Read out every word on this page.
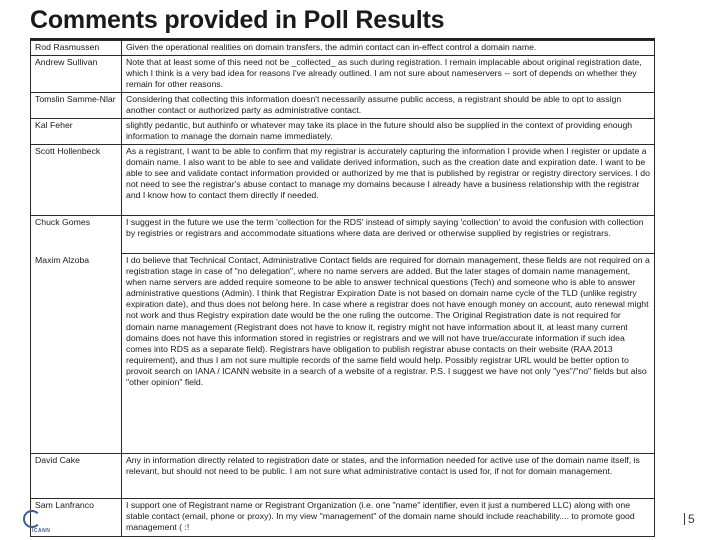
Comments provided in Poll Results
Rod Rasmussen	Given the operational realities on domain transfers, the admin contact can in-effect control a domain name.
Andrew Sullivan	Note that at least some of this need not be _collected_ as such during registration. I remain implacable about original registration date, which I think is a very bad idea for reasons I've already outlined. I am not sure about nameservers -- sort of depends on whether they remain for other reasons.
Tomslin Samme-Nlar	Considering that collecting this information doesn't necessarily assume public access, a registrant should be able to opt to assign another contact or authorized party as administrative contact.
Kal Feher	slightly pedantic, but authinfo or whatever may take its place in the future should also be supplied in the context of providing enough information to manage the domain name immediately.
Scott Hollenbeck	As a registrant, I want to be able to confirm that my registrar is accurately capturing the information I provide when I register or update a domain name. I also want to be able to see and validate derived information, such as the creation date and expiration date. I want to be able to see and validate contact information provided or authorized by me that is published by registrar or registry directory services. I do not need to see the registrar's abuse contact to manage my domains because I already have a business relationship with the registrar and I know how to contact them directly if needed.
Chuck Gomes	I suggest in the future we use the term 'collection for the RDS' instead of simply saying 'collection' to avoid the confusion with collection by registries or registrars and accommodate situations where data are derived or otherwise supplied by registries or registrars.
Maxim Alzoba	I do believe that Technical Contact, Administrative Contact fields are required for domain management, these fields are not required on a registration stage in case of "no delegation", where no name servers are added. But the later stages of domain name management, when name servers are added require someone to be able to answer technical questions (Tech) and someone who is able to answer administrative questions (Admin). I think that Registrar Expiration Date is not based on domain name cycle of the TLD (unlike registry expiration date), and thus does not belong here. In case where a registrar does not have enough money on account, auto renewal might not work and thus Registry expiration date would be the one ruling the outcome. The Original Registration date is not required for domain name management (Registrant does not have to know it, registry might not have information about it, at least many current domains does not have this information stored in registries or registrars and we will not have true/accurate information if such idea comes into RDS as a separate field). Registrars have obligation to publish registrar abuse contacts on their website (RAA 2013 requirement), and thus I am not sure multiple records of the same field would help. Possibly registrar URL would be better option to provoit search on IANA / ICANN website in a search of a website of a registrar. P.S. I suggest we have not only "yes"/"no" fields but also "other opinion" field.
David Cake	Any in information directly related to registration date or states, and the information needed for active use of the domain name itself, is relevant, but should not need to be public. I am not sure what administrative contact is used for, if not for domain management.
Sam Lanfranco	I support one of Registrant name or Registrant Organization (i.e. one "name" identifier, even it just a numbered LLC) along with one stable contact (email, phone or proxy). In my view "management" of the domain name should include reachability.... to promote good management ( :!
ICANN
5
